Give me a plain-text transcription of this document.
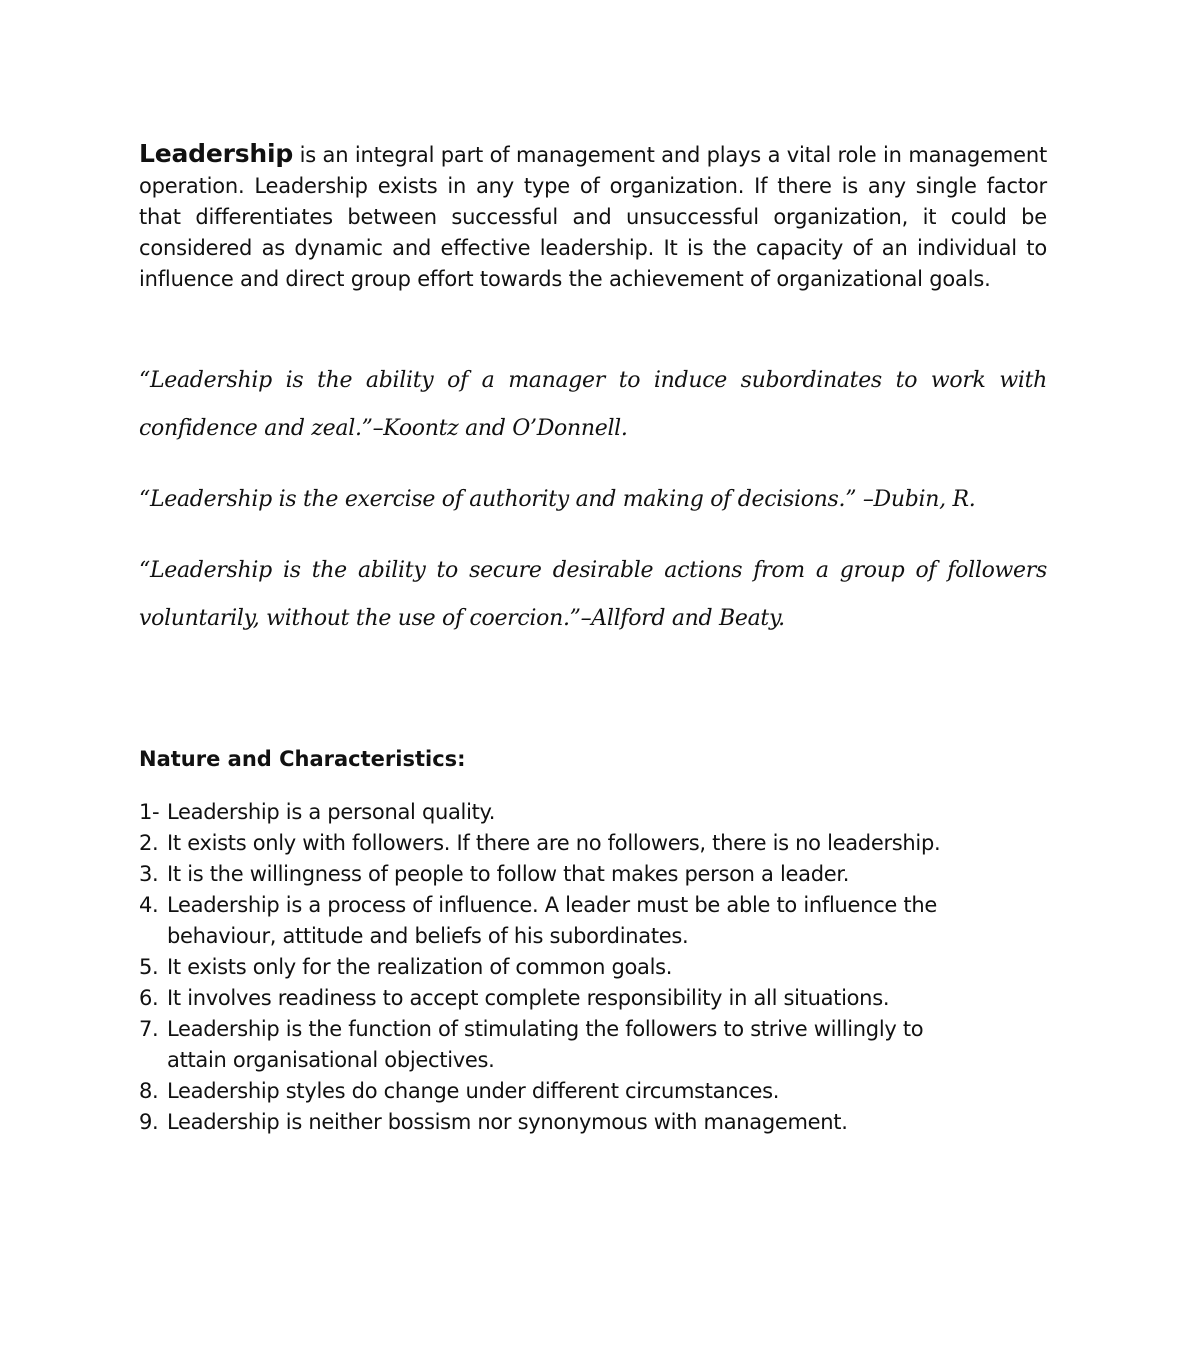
Leadership is an integral part of management and plays a vital role in management operation. Leadership exists in any type of organization. If there is any single factor that differentiates between successful and unsuccessful organization, it could be considered as dynamic and effective leadership. It is the capacity of an individual to influence and direct group effort towards the achievement of organizational goals.

“Leadership is the ability of a manager to induce subordinates to work with confidence and zeal.”–Koontz and O’Donnell.

“Leadership is the exercise of authority and making of decisions.” –Dubin, R.

“Leadership is the ability to secure desirable actions from a group of followers voluntarily, without the use of coercion.”–Allford and Beaty.

Nature and Characteristics:
1- Leadership is a personal quality.
2. It exists only with followers. If there are no followers, there is no leadership.
3. It is the willingness of people to follow that makes person a leader.
4. Leadership is a process of influence. A leader must be able to influence the behaviour, attitude and beliefs of his subordinates.
5. It exists only for the realization of common goals.
6. It involves readiness to accept complete responsibility in all situations.
7. Leadership is the function of stimulating the followers to strive willingly to attain organisational objectives.
8. Leadership styles do change under different circumstances.
9. Leadership is neither bossism nor synonymous with management.
